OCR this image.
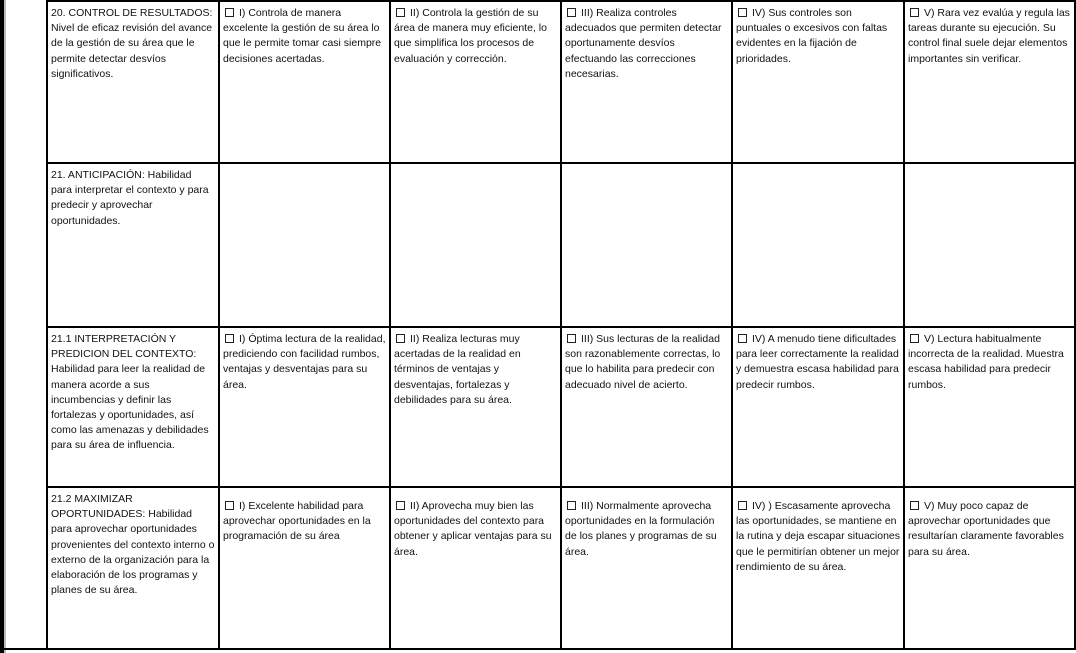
20. CONTROL DE RESULTADOS: Nivel de eficaz revisión del avance de la gestión de su área que le permite detectar desvíos significativos.
I) Controla de manera excelente la gestión de su área lo que le permite tomar casi siempre decisiones acertadas.
II) Controla la gestión de su área de manera muy eficiente, lo que simplifica los procesos de evaluación y corrección.
III) Realiza controles adecuados que permiten detectar oportunamente desvíos efectuando las correcciones necesarias.
IV) Sus controles son puntuales o excesivos con faltas evidentes en la fijación de prioridades.
V) Rara vez evalúa y regula las tareas durante su ejecución. Su control final suele dejar elementos importantes sin verificar.
21. ANTICIPACIÓN: Habilidad para interpretar el contexto y para predecir y aprovechar oportunidades.
21.1 INTERPRETACIÓN Y PREDICION DEL CONTEXTO: Habilidad para leer la realidad de manera acorde a sus incumbencias y definir las fortalezas y oportunidades, así como las amenazas y debilidades para su área de influencia.
I) Óptima lectura de la realidad, prediciendo con facilidad rumbos, ventajas y desventajas para su área.
II) Realiza lecturas muy acertadas de la realidad en términos de ventajas y desventajas, fortalezas y debilidades para su área.
III) Sus lecturas de la realidad son razonablemente correctas, lo que lo habilita para predecir con adecuado nivel de acierto.
IV) A menudo tiene dificultades para leer correctamente la realidad y demuestra escasa habilidad para predecir rumbos.
V) Lectura habitualmente incorrecta de la realidad. Muestra escasa habilidad para predecir rumbos.
21.2 MAXIMIZAR OPORTUNIDADES: Habilidad para aprovechar oportunidades provenientes del contexto interno o externo de la organización para la elaboración de los programas y planes de su área.
I) Excelente habilidad para aprovechar oportunidades en la programación de su área
II) Aprovecha muy bien las oportunidades del contexto para obtener y aplicar ventajas para su área.
III) Normalmente aprovecha oportunidades en la formulación de los planes y programas de su área.
IV) ) Escasamente aprovecha las oportunidades, se mantiene en la rutina y deja escapar situaciones que le permitirían obtener un mejor rendimiento de su área.
V) Muy poco capaz de aprovechar oportunidades que resultarían claramente favorables para su área.
